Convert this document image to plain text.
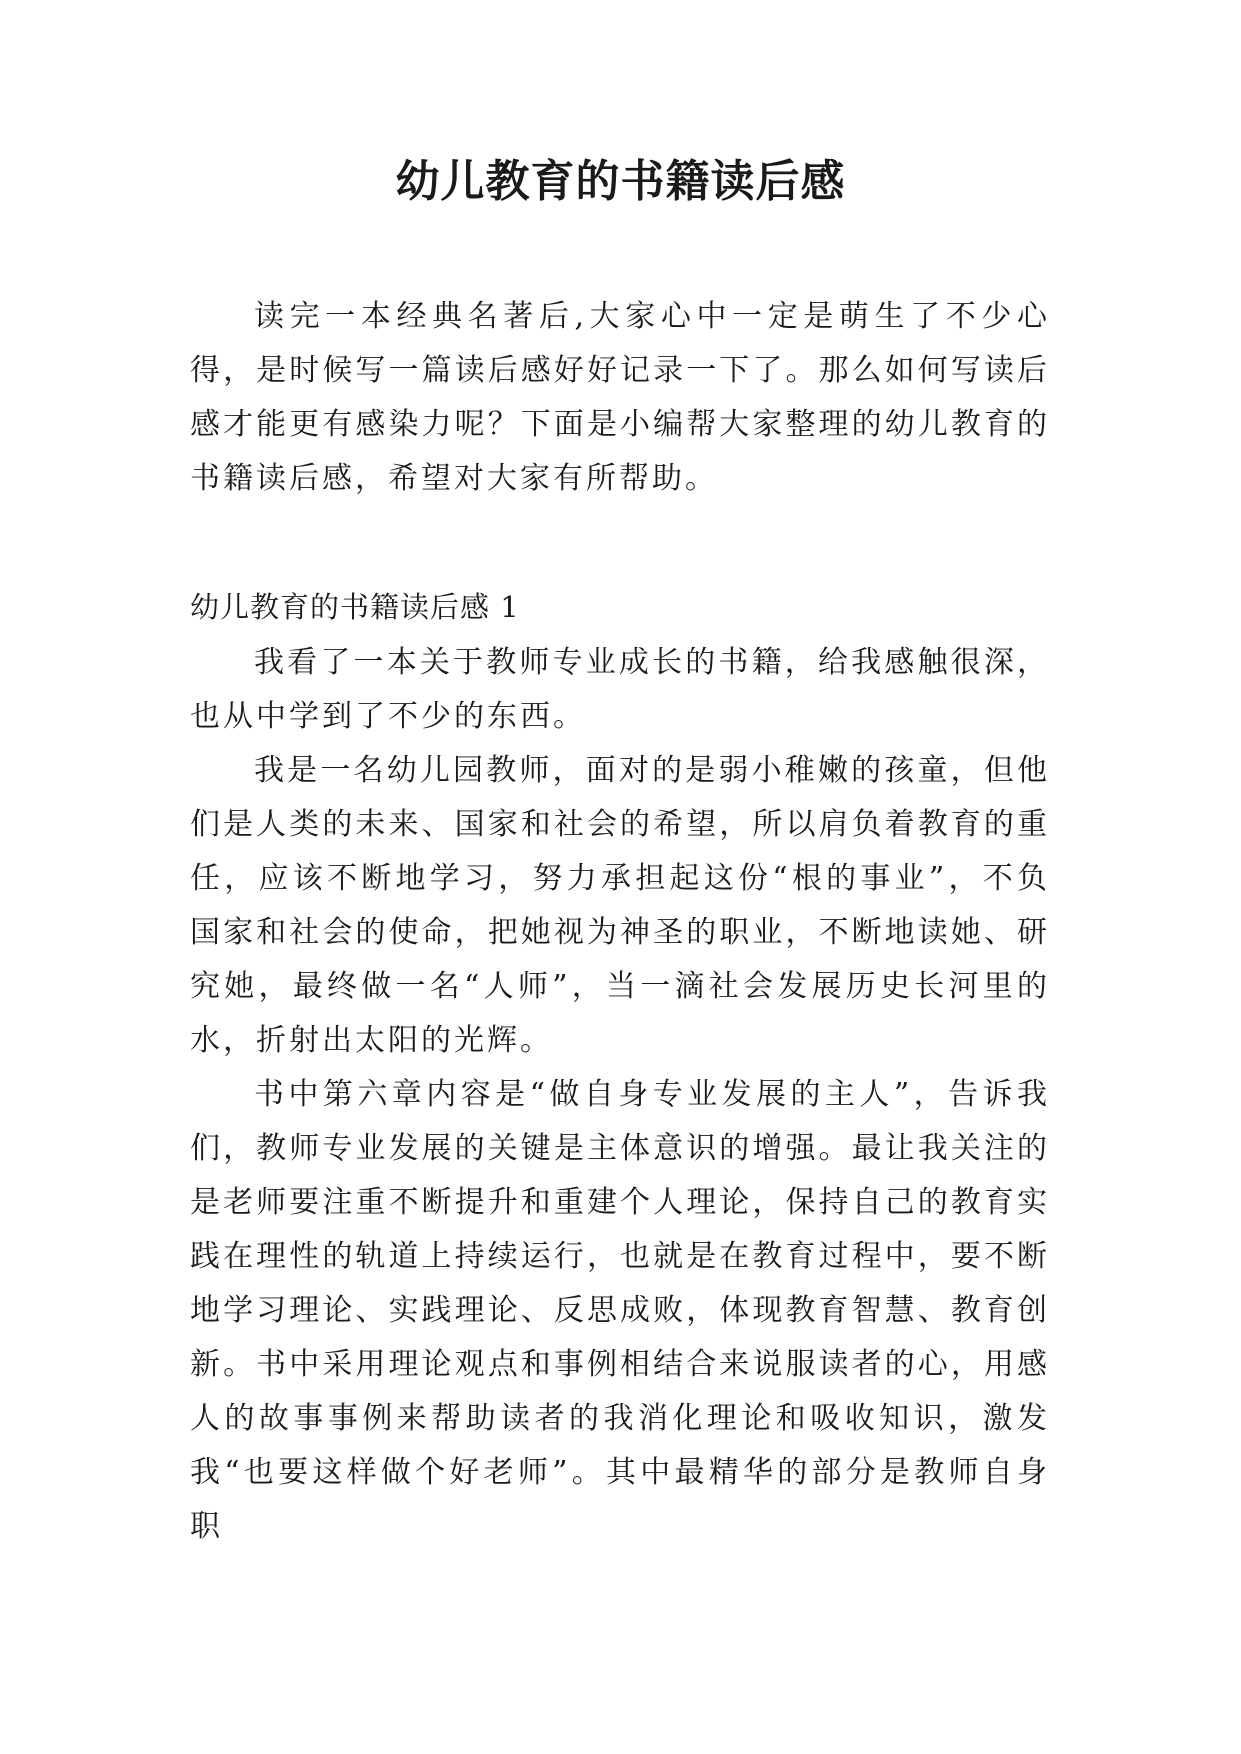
幼儿教育的书籍读后感

读完一本经典名著后,大家心中一定是萌生了不少心得，是时候写一篇读后感好好记录一下了。那么如何写读后感才能更有感染力呢？下面是小编帮大家整理的幼儿教育的书籍读后感，希望对大家有所帮助。

幼儿教育的书籍读后感 1

我看了一本关于教师专业成长的书籍，给我感触很深，也从中学到了不少的东西。

我是一名幼儿园教师，面对的是弱小稚嫩的孩童，但他们是人类的未来、国家和社会的希望，所以肩负着教育的重任，应该不断地学习，努力承担起这份“根的事业”，不负国家和社会的使命，把她视为神圣的职业，不断地读她、研究她，最终做一名“人师”，当一滴社会发展历史长河里的水，折射出太阳的光辉。

书中第六章内容是“做自身专业发展的主人”，告诉我们，教师专业发展的关键是主体意识的增强。最让我关注的是老师要注重不断提升和重建个人理论，保持自己的教育实践在理性的轨道上持续运行，也就是在教育过程中，要不断地学习理论、实践理论、反思成败，体现教育智慧、教育创新。书中采用理论观点和事例相结合来说服读者的心，用感人的故事事例来帮助读者的我消化理论和吸收知识，激发我“也要这样做个好老师”。其中最精华的部分是教师自身职
